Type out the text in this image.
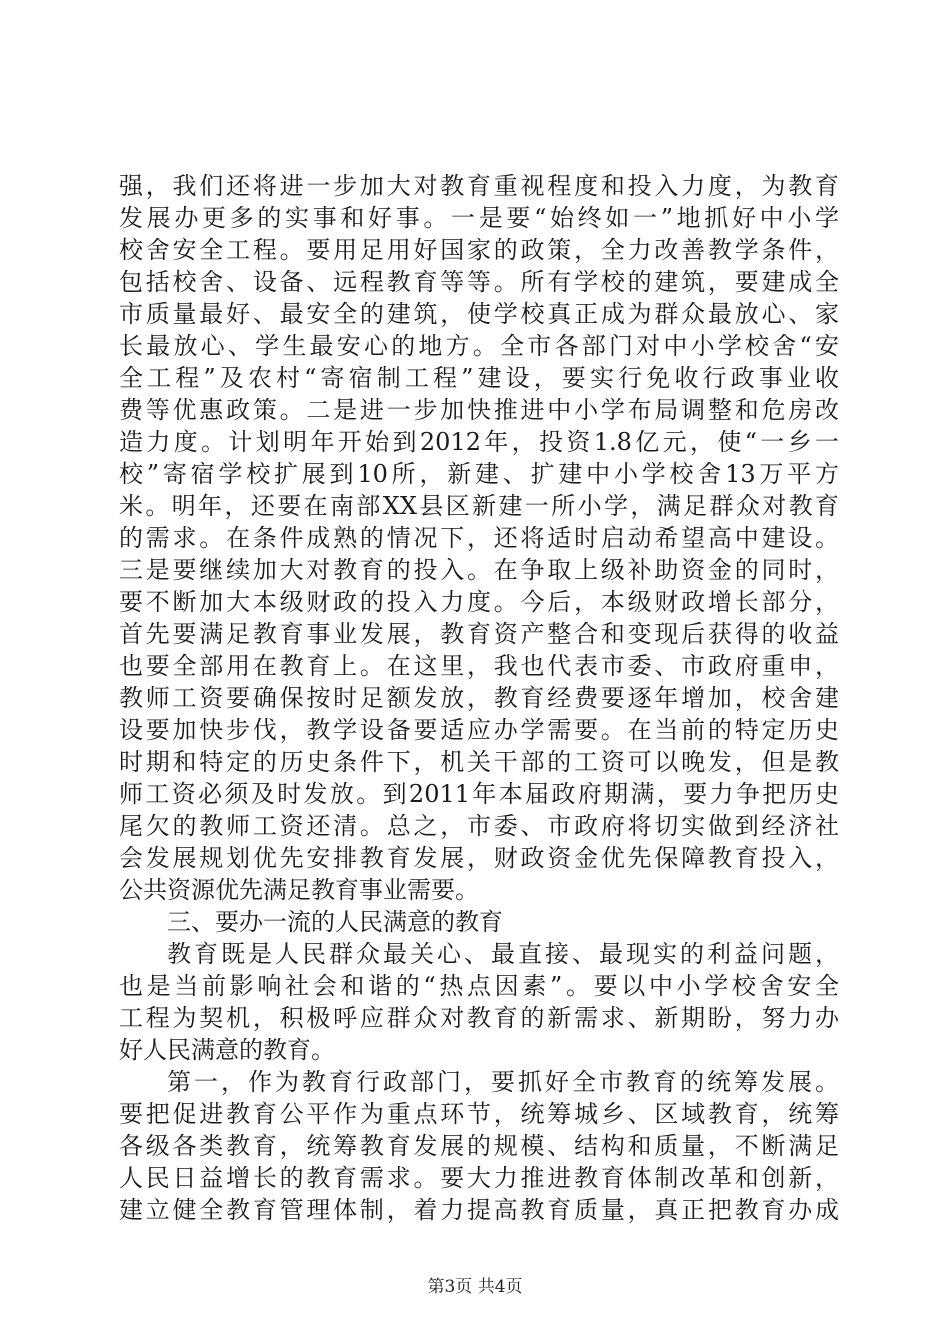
强，我们还将进一步加大对教育重视程度和投入力度，为教育
发展办更多的实事和好事。一是要“始终如一”地抓好中小学
校舍安全工程。要用足用好国家的政策，全力改善教学条件，
包括校舍、设备、远程教育等等。所有学校的建筑，要建成全
市质量最好、最安全的建筑，使学校真正成为群众最放心、家
长最放心、学生最安心的地方。全市各部门对中小学校舍“安
全工程”及农村“寄宿制工程”建设，要实行免收行政事业收
费等优惠政策。二是进一步加快推进中小学布局调整和危房改
造力度。计划明年开始到2012年，投资1.8亿元，使“一乡一
校”寄宿学校扩展到10所，新建、扩建中小学校舍13万平方
米。明年，还要在南部XX县区新建一所小学，满足群众对教育
的需求。在条件成熟的情况下，还将适时启动希望高中建设。
三是要继续加大对教育的投入。在争取上级补助资金的同时，
要不断加大本级财政的投入力度。今后，本级财政增长部分，
首先要满足教育事业发展，教育资产整合和变现后获得的收益
也要全部用在教育上。在这里，我也代表市委、市政府重申，
教师工资要确保按时足额发放，教育经费要逐年增加，校舍建
设要加快步伐，教学设备要适应办学需要。在当前的特定历史
时期和特定的历史条件下，机关干部的工资可以晚发，但是教
师工资必须及时发放。到2011年本届政府期满，要力争把历史
尾欠的教师工资还清。总之，市委、市政府将切实做到经济社
会发展规划优先安排教育发展，财政资金优先保障教育投入，
公共资源优先满足教育事业需要。
三、要办一流的人民满意的教育
教育既是人民群众最关心、最直接、最现实的利益问题，
也是当前影响社会和谐的“热点因素”。要以中小学校舍安全
工程为契机，积极呼应群众对教育的新需求、新期盼，努力办
好人民满意的教育。
第一，作为教育行政部门，要抓好全市教育的统筹发展。
要把促进教育公平作为重点环节，统筹城乡、区域教育，统筹
各级各类教育，统筹教育发展的规模、结构和质量，不断满足
人民日益增长的教育需求。要大力推进教育体制改革和创新，
建立健全教育管理体制，着力提高教育质量，真正把教育办成
第3页 共4页
